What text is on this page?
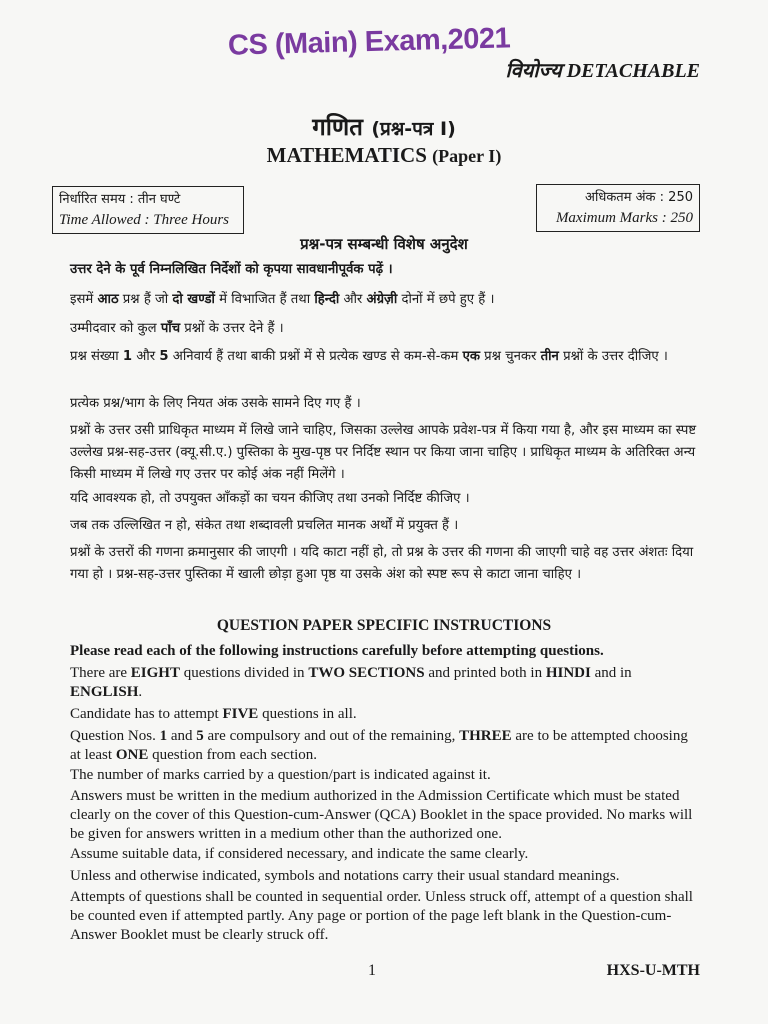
CS (Main) Exam,2021
वियोज्य DETACHABLE
गणित (प्रश्न-पत्र I)
MATHEMATICS (Paper I)
निर्धारित समय : तीन घण्टे
Time Allowed : Three Hours
अधिकतम अंक : 250
Maximum Marks : 250
प्रश्न-पत्र सम्बन्धी विशेष अनुदेश
उत्तर देने के पूर्व निम्नलिखित निर्देशों को कृपया सावधानीपूर्वक पढ़ें ।
इसमें आठ प्रश्न हैं जो दो खण्डों में विभाजित हैं तथा हिन्दी और अंग्रेज़ी दोनों में छपे हुए हैं ।
उम्मीदवार को कुल पाँच प्रश्नों के उत्तर देने हैं ।
प्रश्न संख्या 1 और 5 अनिवार्य हैं तथा बाकी प्रश्नों में से प्रत्येक खण्ड से कम-से-कम एक प्रश्न चुनकर तीन प्रश्नों के उत्तर दीजिए ।
प्रत्येक प्रश्न/भाग के लिए नियत अंक उसके सामने दिए गए हैं ।
प्रश्नों के उत्तर उसी प्राधिकृत माध्यम में लिखे जाने चाहिए, जिसका उल्लेख आपके प्रवेश-पत्र में किया गया है, और इस माध्यम का स्पष्ट उल्लेख प्रश्न-सह-उत्तर (क्यू.सी.ए.) पुस्तिका के मुख-पृष्ठ पर निर्दिष्ट स्थान पर किया जाना चाहिए । प्राधिकृत माध्यम के अतिरिक्त अन्य किसी माध्यम में लिखे गए उत्तर पर कोई अंक नहीं मिलेंगे ।
यदि आवश्यक हो, तो उपयुक्त आँकड़ों का चयन कीजिए तथा उनको निर्दिष्ट कीजिए ।
जब तक उल्लिखित न हो, संकेत तथा शब्दावली प्रचलित मानक अर्थों में प्रयुक्त हैं ।
प्रश्नों के उत्तरों की गणना क्रमानुसार की जाएगी । यदि काटा नहीं हो, तो प्रश्न के उत्तर की गणना की जाएगी चाहे वह उत्तर अंशतः दिया गया हो । प्रश्न-सह-उत्तर पुस्तिका में खाली छोड़ा हुआ पृष्ठ या उसके अंश को स्पष्ट रूप से काटा जाना चाहिए ।
QUESTION PAPER SPECIFIC INSTRUCTIONS
Please read each of the following instructions carefully before attempting questions.
There are EIGHT questions divided in TWO SECTIONS and printed both in HINDI and in ENGLISH.
Candidate has to attempt FIVE questions in all.
Question Nos. 1 and 5 are compulsory and out of the remaining, THREE are to be attempted choosing at least ONE question from each section.
The number of marks carried by a question/part is indicated against it.
Answers must be written in the medium authorized in the Admission Certificate which must be stated clearly on the cover of this Question-cum-Answer (QCA) Booklet in the space provided. No marks will be given for answers written in a medium other than the authorized one.
Assume suitable data, if considered necessary, and indicate the same clearly.
Unless and otherwise indicated, symbols and notations carry their usual standard meanings.
Attempts of questions shall be counted in sequential order. Unless struck off, attempt of a question shall be counted even if attempted partly. Any page or portion of the page left blank in the Question-cum-Answer Booklet must be clearly struck off.
1	HXS-U-MTH
